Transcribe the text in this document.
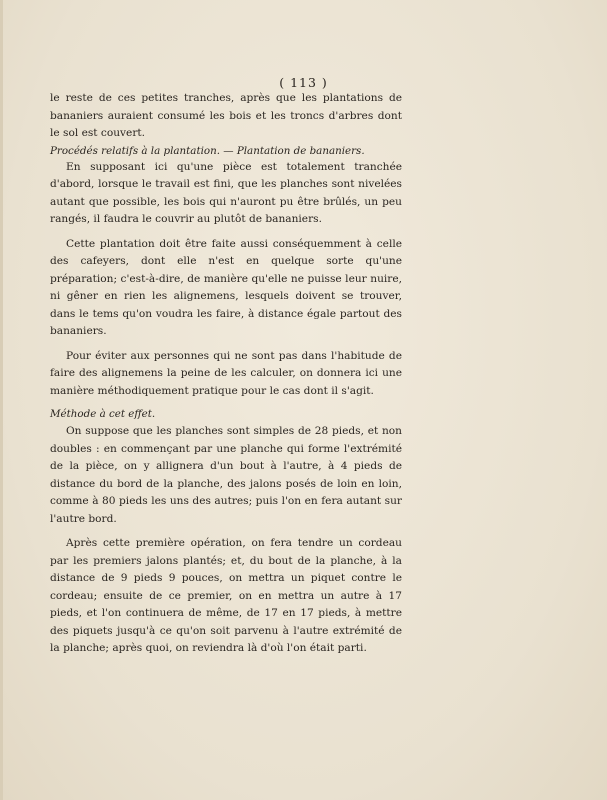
( 113 )

le reste de ces petites tranches, après que les plantations de bananiers auraient consumé les bois et les troncs d'arbres dont le sol est couvert.

Procédés relatifs à la plantation. — Plantation de bananiers.

En supposant ici qu'une pièce est totalement tranchée d'abord, lorsque le travail est fini, que les planches sont nivelées autant que possible, les bois qui n'auront pu être brûlés, un peu rangés, il faudra le couvrir au plutôt de bananiers.

Cette plantation doit être faite aussi conséquemment à celle des cafeyers, dont elle n'est en quelque sorte qu'une préparation; c'est-à-dire, de manière qu'elle ne puisse leur nuire, ni gêner en rien les alignemens, lesquels doivent se trouver, dans le tems qu'on voudra les faire, à distance égale partout des bananiers.

Pour éviter aux personnes qui ne sont pas dans l'habitude de faire des alignemens la peine de les calculer, on donnera ici une manière méthodiquement pratique pour le cas dont il s'agit.

Méthode à cet effet.

On suppose que les planches sont simples de 28 pieds, et non doubles : en commençant par une planche qui forme l'extrémité de la pièce, on y allignera d'un bout à l'autre, à 4 pieds de distance du bord de la planche, des jalons posés de loin en loin, comme à 80 pieds les uns des autres; puis l'on en fera autant sur l'autre bord.

Après cette première opération, on fera tendre un cordeau par les premiers jalons plantés; et, du bout de la planche, à la distance de 9 pieds 9 pouces, on mettra un piquet contre le cordeau; ensuite de ce premier, on en mettra un autre à 17 pieds, et l'on continuera de même, de 17 en 17 pieds, à mettre des piquets jusqu'à ce qu'on soit parvenu à l'autre extrémité de la planche; après quoi, on reviendra là d'où l'on était parti.
